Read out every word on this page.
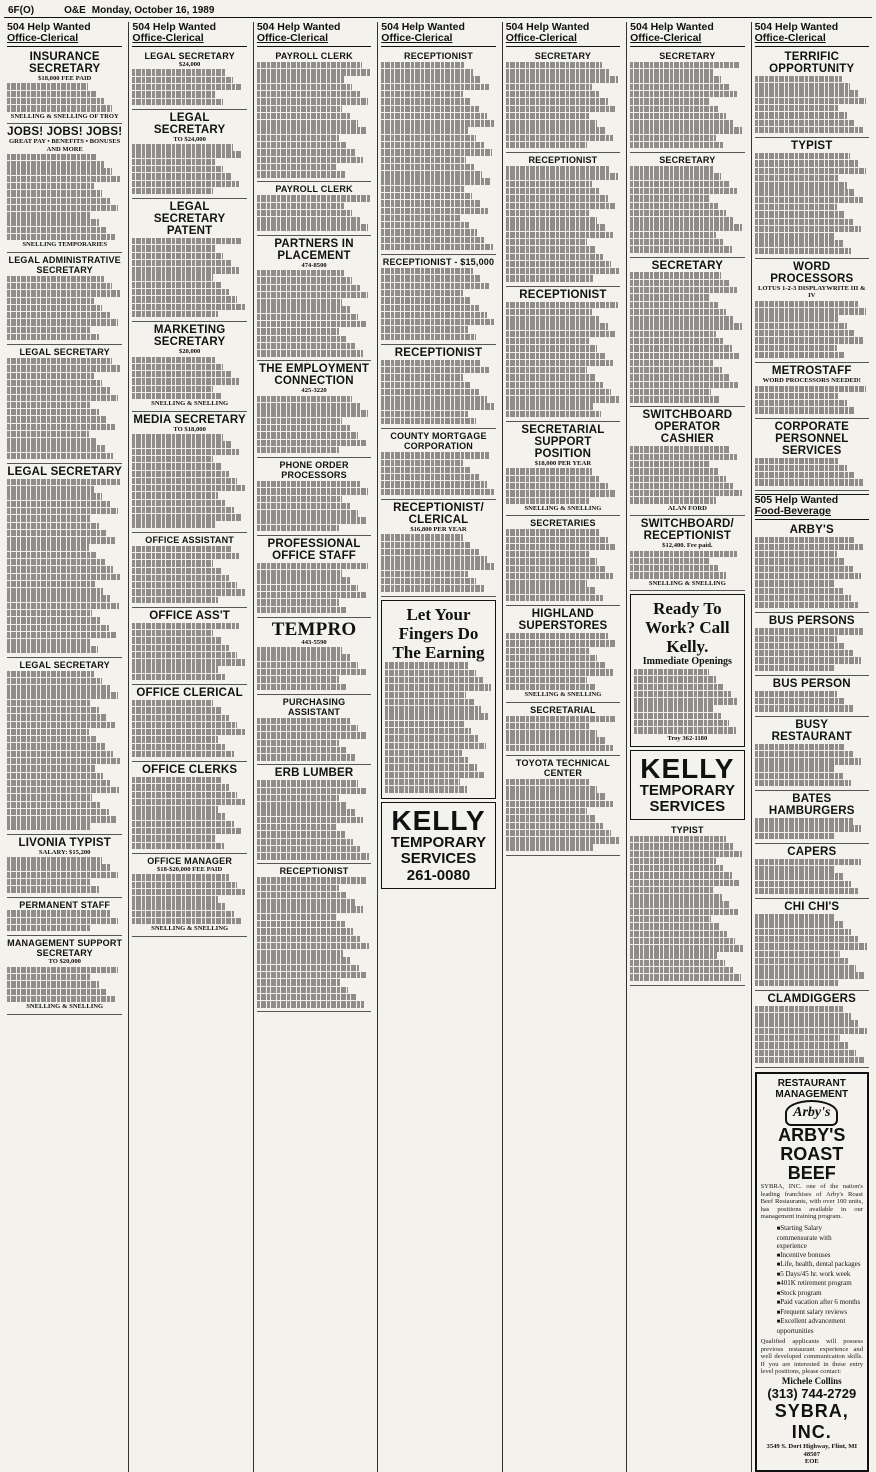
6F(O)	O&E Monday, October 16, 1989
504 Help Wanted
Office-Clerical
INSURANCE SECRETARY
$18,000 FEE PAID
SNELLING & SNELLING OF TROY
JOBS! JOBS! JOBS!
GREAT PAY • BENEFITS • BONUSES AND MORE
SNELLING TEMPORARIES
LEGAL ADMINISTRATIVE SECRETARY
LEGAL SECRETARY
LEGAL SECRETARY
LEGAL SECRETARY
LIVONIA TYPIST
SALARY: $15,200
PERMANENT STAFF
MANAGEMENT SUPPORT SECRETARY
TO $20,000
SNELLING & SNELLING
504 Help Wanted
Office-Clerical
LEGAL SECRETARY
$24,000
LEGAL SECRETARY
TO $24,000
LEGAL SECRETARY PATENT
MARKETING SECRETARY
$20,000
SNELLING & SNELLING
MEDIA SECRETARY
TO $18,000
OFFICE ASSISTANT
OFFICE ASS'T
OFFICE CLERICAL
OFFICE CLERKS
OFFICE MANAGER
$18-$20,000 FEE PAID
SNELLING & SNELLING
504 Help Wanted
Office-Clerical
PAYROLL CLERK
PAYROLL CLERK
PARTNERS IN PLACEMENT
474-8500
THE EMPLOYMENT CONNECTION
425-3220
PHONE ORDER PROCESSORS
PROFESSIONAL OFFICE STAFF
TEMPRO
443-5590
PURCHASING ASSISTANT
ERB LUMBER
RECEPTIONIST
504 Help Wanted
Office-Clerical
RECEPTIONIST
RECEPTIONIST - $15,000
RECEPTIONIST
COUNTY MORTGAGE CORPORATION
RECEPTIONIST/ CLERICAL
$16,800 PER YEAR
Let Your Fingers Do The Earning
KELLY
TEMPORARY
SERVICES
261-0080
504 Help Wanted
Office-Clerical
SECRETARY
RECEPTIONIST
RECEPTIONIST
SECRETARIAL SUPPORT POSITION
$18,000 PER YEAR
SNELLING & SNELLING
SECRETARIES
HIGHLAND SUPERSTORES
SNELLING & SNELLING
SECRETARIAL
TOYOTA TECHNICAL CENTER
504 Help Wanted
Office-Clerical
SECRETARY
SECRETARY
SECRETARY
SWITCHBOARD OPERATOR CASHIER
ALAN FORD
SWITCHBOARD/ RECEPTIONIST
$12,400. Fee paid.
SNELLING & SNELLING
Ready To Work? Call Kelly.
Immediate Openings
Troy 362-1180
KELLY
TEMPORARY
SERVICES
TYPIST
504 Help Wanted
Office-Clerical
TERRIFIC OPPORTUNITY
TYPIST
WORD PROCESSORS
LOTUS 1-2-3 DISPLAYWRITE III & IV
METROSTAFF
WORD PROCESSORS NEEDED!
CORPORATE PERSONNEL SERVICES
505 Help Wanted
Food-Beverage
ARBY'S
BUS PERSONS
BUS PERSON
BUSY RESTAURANT
BATES HAMBURGERS
CAPERS
CHI CHI'S
CLAMDIGGERS
RESTAURANT MANAGEMENT
Arby's
ARBY'S ROAST BEEF
SYBRA, INC. one of the nation's leading franchises of Arby's Roast Beef Restaurants, with over 100 units, has positions available in our management training program.
■ Starting Salary commensurate with experience
■ Incentive bonuses
■ Life, health, dental packages
■ 5 Days/45 hr. work week
■ 401K retirement program
■ Stock program
■ Paid vacation after 6 months
■ Frequent salary reviews
■ Excellent advancement opportunities
Qualified applicants will possess previous restaurant experience and well developed communication skills. If you are interested in these entry level positions, please contact:
Michele Collins
(313) 744-2729
SYBRA, INC.
3549 S. Dort Highway, Flint, MI 48507
EOE
